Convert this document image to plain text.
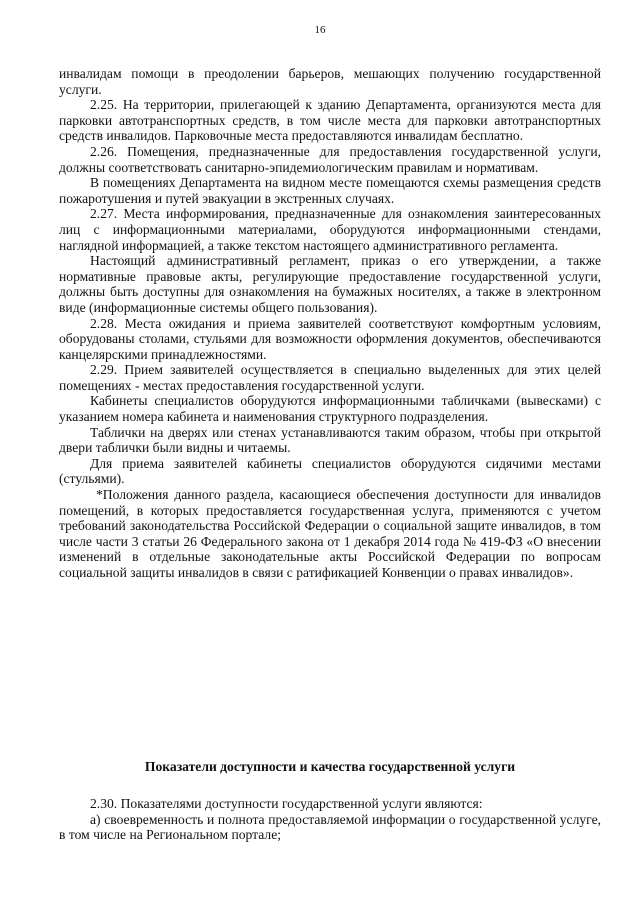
16

инвалидам помощи в преодолении барьеров, мешающих получению государственной услуги.

2.25. На территории, прилегающей к зданию Департамента, организуются места для парковки автотранспортных средств, в том числе места для парковки автотранспортных средств инвалидов. Парковочные места предоставляются инвалидам бесплатно.

2.26. Помещения, предназначенные для предоставления государственной услуги, должны соответствовать санитарно-эпидемиологическим правилам и нормативам.

В помещениях Департамента на видном месте помещаются схемы размещения средств пожаротушения и путей эвакуации в экстренных случаях.

2.27. Места информирования, предназначенные для ознакомления заинтересованных лиц с информационными материалами, оборудуются информационными стендами, наглядной информацией, а также текстом настоящего административного регламента.

Настоящий административный регламент, приказ о его утверждении, а также нормативные правовые акты, регулирующие предоставление государственной услуги, должны быть доступны для ознакомления на бумажных носителях, а также в электронном виде (информационные системы общего пользования).

2.28. Места ожидания и приема заявителей соответствуют комфортным условиям, оборудованы столами, стульями для возможности оформления документов, обеспечиваются канцелярскими принадлежностями.

2.29. Прием заявителей осуществляется в специально выделенных для этих целей помещениях - местах предоставления государственной услуги.

Кабинеты специалистов оборудуются информационными табличками (вывесками) с указанием номера кабинета и наименования структурного подразделения.

Таблички на дверях или стенах устанавливаются таким образом, чтобы при открытой двери таблички были видны и читаемы.

Для приема заявителей кабинеты специалистов оборудуются сидячими местами (стульями).

*Положения данного раздела, касающиеся обеспечения доступности для инвалидов помещений, в которых предоставляется государственная услуга, применяются с учетом требований законодательства Российской Федерации о социальной защите инвалидов, в том числе части 3 статьи 26 Федерального закона от 1 декабря 2014 года № 419-ФЗ «О внесении изменений в отдельные законодательные акты Российской Федерации по вопросам социальной защиты инвалидов в связи с ратификацией Конвенции о правах инвалидов».

Показатели доступности и качества государственной услуги

2.30. Показателями доступности государственной услуги являются:

а) своевременность и полнота предоставляемой информации о государственной услуге, в том числе на Региональном портале;
